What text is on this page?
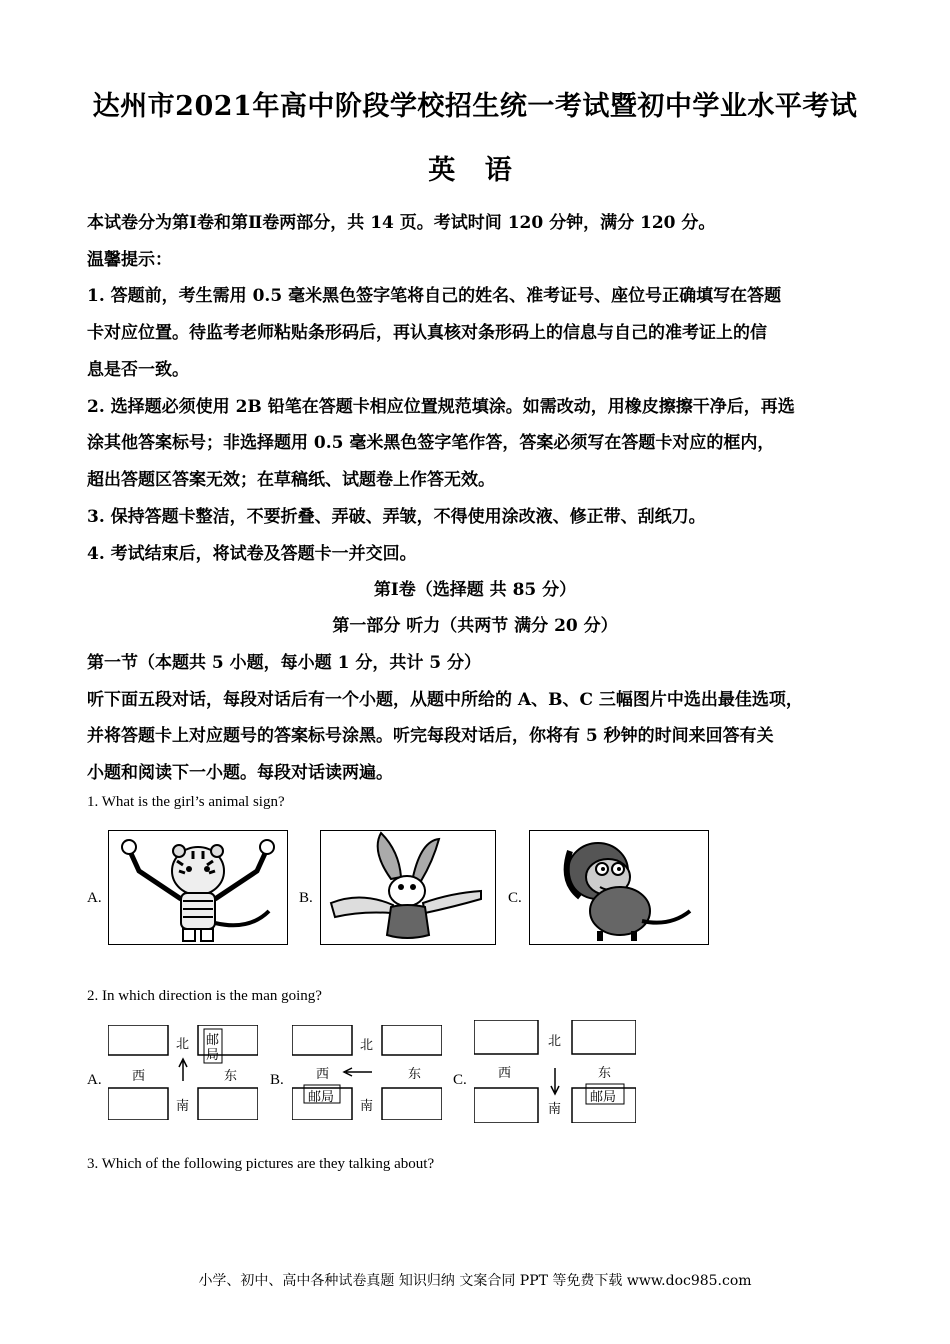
达州市2021年高中阶段学校招生统一考试暨初中学业水平考试
英 语
本试卷分为第Ⅰ卷和第Ⅱ卷两部分，共 14 页。考试时间 120 分钟，满分 120 分。
温馨提示：
1. 答题前，考生需用 0.5 毫米黑色签字笔将自己的姓名、准考证号、座位号正确填写在答题
卡对应位置。待监考老师粘贴条形码后，再认真核对条形码上的信息与自己的准考证上的信
息是否一致。
2. 选择题必须使用 2B 铅笔在答题卡相应位置规范填涂。如需改动，用橡皮擦擦干净后，再选
涂其他答案标号；非选择题用 0.5 毫米黑色签字笔作答，答案必须写在答题卡对应的框内，
超出答题区答案无效；在草稿纸、试题卷上作答无效。
3. 保持答题卡整洁，不要折叠、弄破、弄皱，不得使用涂改液、修正带、刮纸刀。
4. 考试结束后，将试卷及答题卡一并交回。
第Ⅰ卷（选择题 共 85 分）
第一部分 听力（共两节 满分 20 分）
第一节（本题共 5 小题，每小题 1 分，共计 5 分）
听下面五段对话，每段对话后有一个小题，从题中所给的 A、B、C 三幅图片中选出最佳选项，
并将答题卡上对应题号的答案标号涂黑。听完每段对话后，你将有 5 秒钟的时间来回答有关
小题和阅读下一小题。每段对话读两遍。
1. What is the girl’s animal sign?
A.	B.	C.
2. In which direction is the man going?
A.
北 邮
局
西	东
南
B.
北
西	东
邮局
南
C.
北
西	东
邮局
南
3. Which of the following pictures are they talking about?
小学、初中、高中各种试卷真题 知识归纳 文案合同 PPT 等免费下载 www.doc985.com
